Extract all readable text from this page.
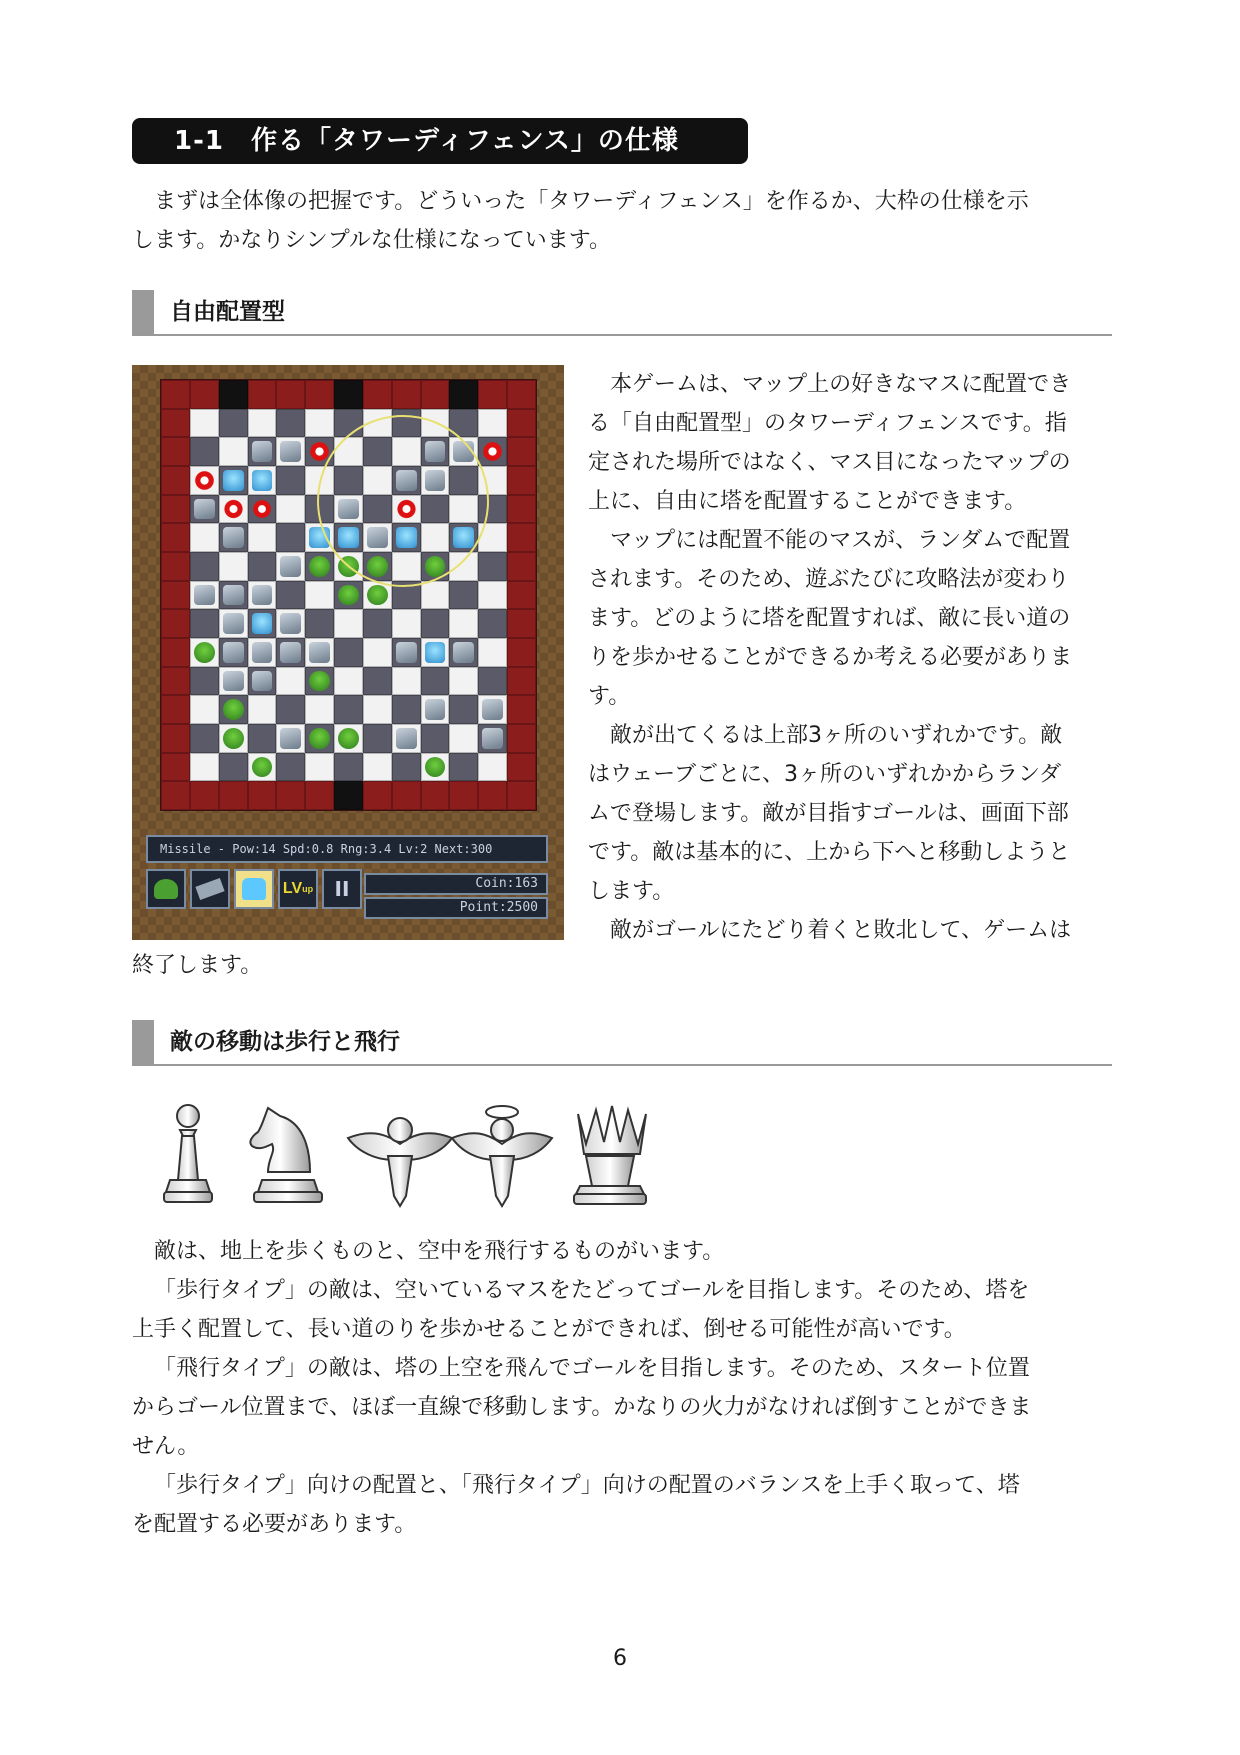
1-1　作る「タワーディフェンス」の仕様

まずは全体像の把握です。どういった「タワーディフェンス」を作るか、大枠の仕様を示

します。かなりシンプルな仕様になっています。

自由配置型
Missile - Pow:14 Spd:0.8 Rng:3.4 Lv:2 Next:300
LV up II	Coin:163
Point:2500

本ゲームは、マップ上の好きなマスに配置でき

る「自由配置型」のタワーディフェンスです。指

定された場所ではなく、マス目になったマップの

上に、自由に塔を配置することができます。

マップには配置不能のマスが、ランダムで配置

されます。そのため、遊ぶたびに攻略法が変わり

ます。どのように塔を配置すれば、敵に長い道の

りを歩かせることができるか考える必要がありま

す。

敵が出てくるは上部3ヶ所のいずれかです。敵

はウェーブごとに、3ヶ所のいずれかからランダ

ムで登場します。敵が目指すゴールは、画面下部

です。敵は基本的に、上から下へと移動しようと

します。

敵がゴールにたどり着くと敗北して、ゲームは

終了します。

敵の移動は歩行と飛行

敵は、地上を歩くものと、空中を飛行するものがいます。

「歩行タイプ」の敵は、空いているマスをたどってゴールを目指します。そのため、塔を

上手く配置して、長い道のりを歩かせることができれば、倒せる可能性が高いです。

「飛行タイプ」の敵は、塔の上空を飛んでゴールを目指します。そのため、スタート位置

からゴール位置まで、ほぼ一直線で移動します。かなりの火力がなければ倒すことができま

せん。

「歩行タイプ」向けの配置と、「飛行タイプ」向けの配置のバランスを上手く取って、塔

を配置する必要があります。

6
